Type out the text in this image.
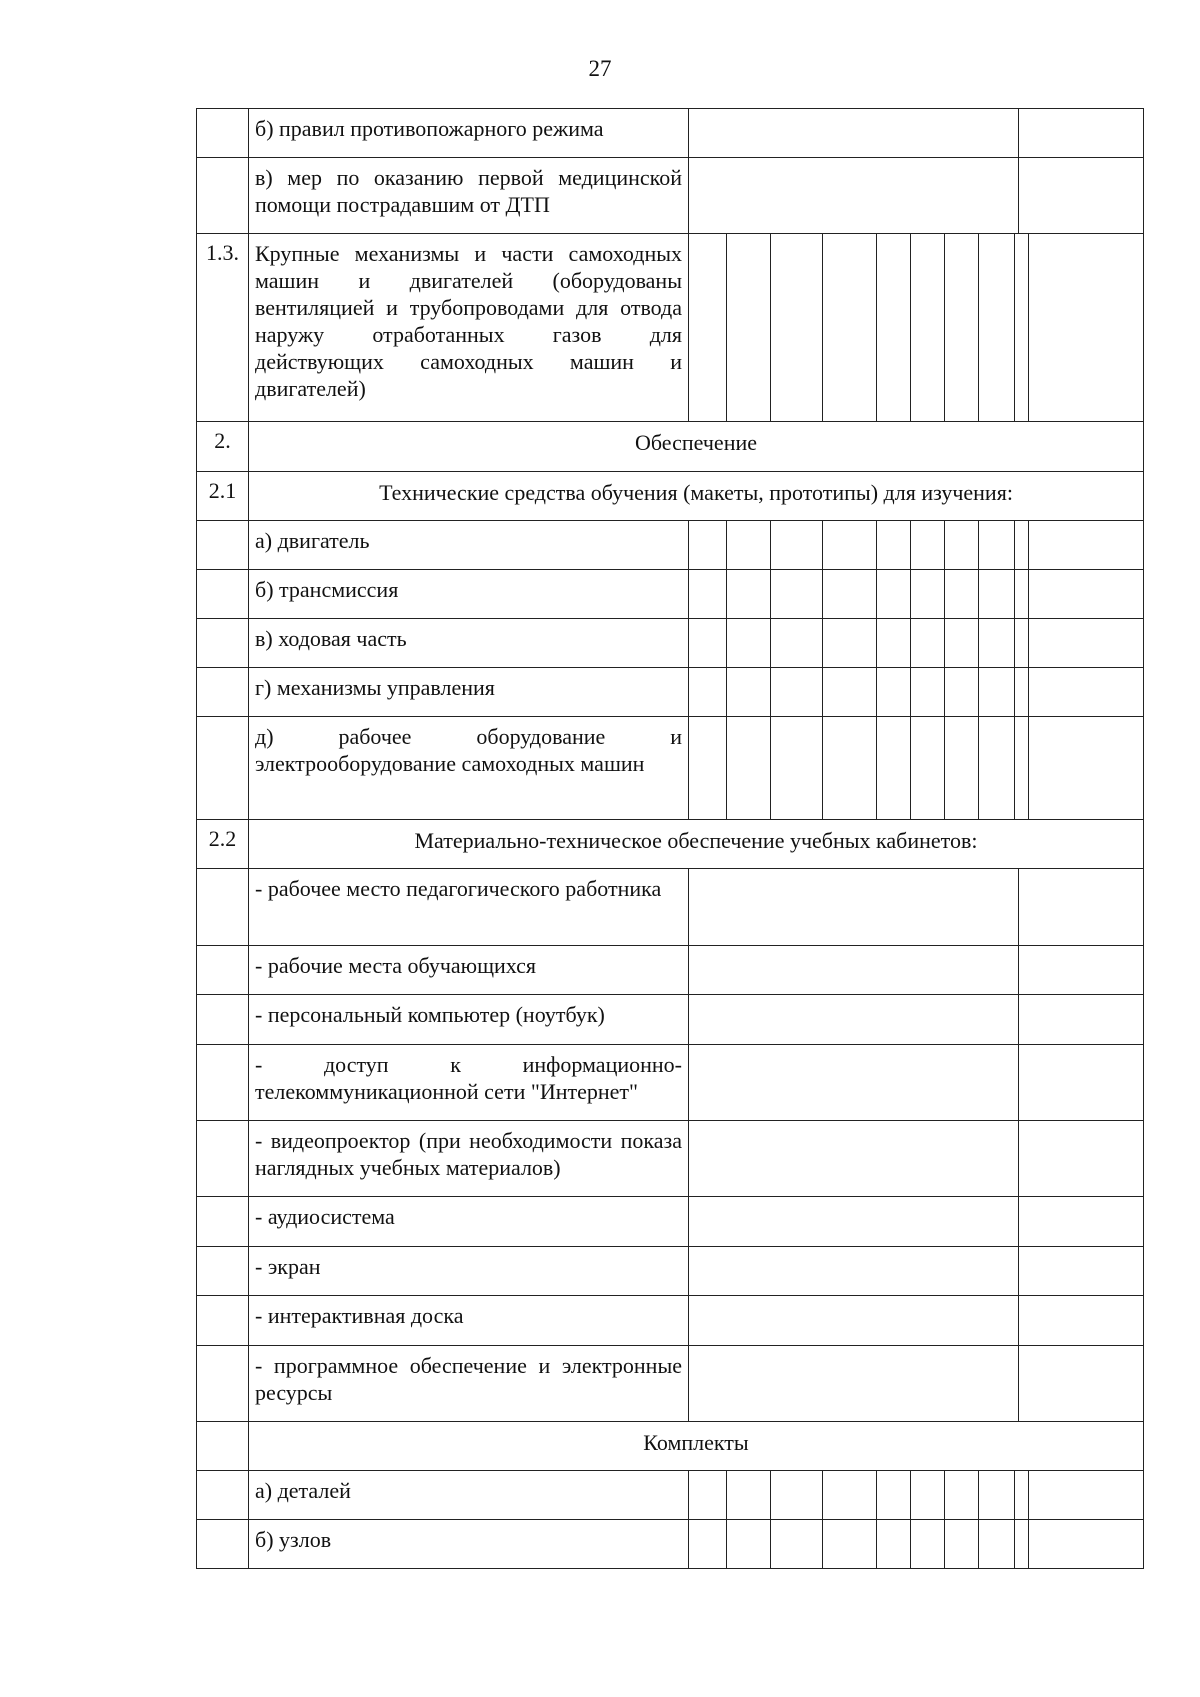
27
б) правил противопожарного режима
в) мер по оказанию первой медицинской помощи пострадавшим от ДТП
1.3. Крупные механизмы и части самоходных машин и двигателей (оборудованы вентиляцией и трубопроводами для отвода наружу отработанных газов для действующих самоходных машин и двигателей)
2.	Обеспечение
2.1	Технические средства обучения (макеты, прототипы) для изучения:
а) двигатель
б) трансмиссия
в) ходовая часть
г) механизмы управления
д) рабочее оборудование и электрооборудование самоходных машин
2.2	Материально-техническое обеспечение учебных кабинетов:
- рабочее место педагогического работника
- рабочие места обучающихся
- персональный компьютер (ноутбук)
- доступ к информационно-телекоммуникационной сети "Интернет"
- видеопроектор (при необходимости показа наглядных учебных материалов)
- аудиосистема
- экран
- интерактивная доска
- программное обеспечение и электронные ресурсы
Комплекты
а) деталей
б) узлов
